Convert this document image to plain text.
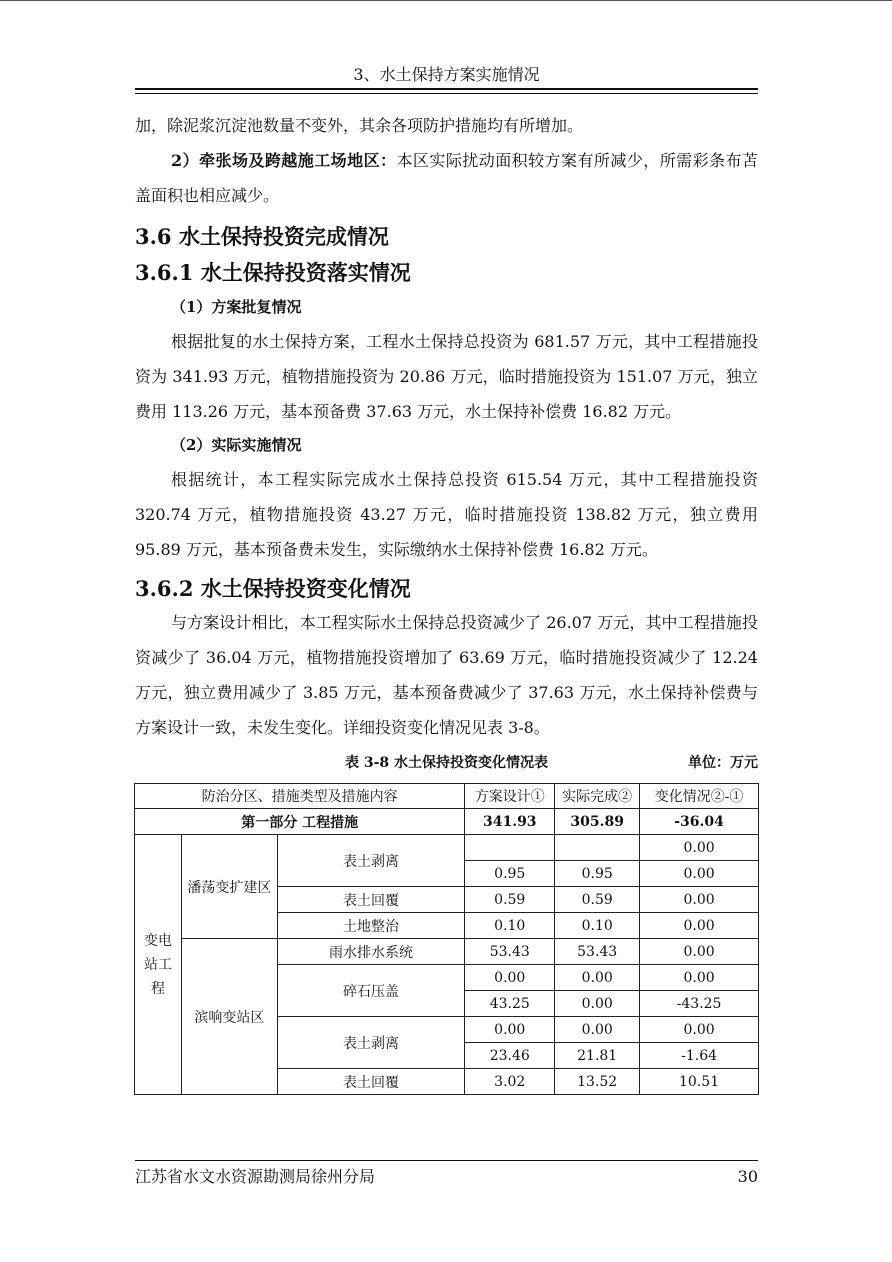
3、水土保持方案实施情况

加，除泥浆沉淀池数量不变外，其余各项防护措施均有所增加。

2）牵张场及跨越施工场地区：本区实际扰动面积较方案有所减少，所需彩条布苫盖面积也相应减少。

3.6 水土保持投资完成情况
3.6.1 水土保持投资落实情况
（1）方案批复情况

根据批复的水土保持方案，工程水土保持总投资为 681.57 万元，其中工程措施投资为 341.93 万元，植物措施投资为 20.86 万元，临时措施投资为 151.07 万元，独立费用 113.26 万元，基本预备费 37.63 万元，水土保持补偿费 16.82 万元。

（2）实际实施情况

根据统计，本工程实际完成水土保持总投资 615.54 万元，其中工程措施投资 320.74 万元，植物措施投资 43.27 万元，临时措施投资 138.82 万元，独立费用 95.89 万元，基本预备费未发生，实际缴纳水土保持补偿费 16.82 万元。

3.6.2 水土保持投资变化情况

与方案设计相比，本工程实际水土保持总投资减少了 26.07 万元，其中工程措施投资减少了 36.04 万元，植物措施投资增加了 63.69 万元，临时措施投资减少了 12.24 万元，独立费用减少了 3.85 万元，基本预备费减少了 37.63 万元，水土保持补偿费与方案设计一致，未发生变化。详细投资变化情况见表 3-8。

表 3-8 水土保持投资变化情况表	单位：万元
防治分区、措施类型及措施内容			方案设计①	实际完成②	变化情况②-①
第一部分 工程措施			341.93	305.89	-36.04
变电站工程	潘荡变扩建区	表土剥离			0.00
			0.95	0.95	0.00
		表土回覆	0.59	0.59	0.00
		土地整治	0.10	0.10	0.00
	滨响变站区	雨水排水系统	53.43	53.43	0.00
		碎石压盖	0.00	0.00	0.00
			43.25	0.00	-43.25
		表土剥离	0.00	0.00	0.00
			23.46	21.81	-1.64
		表土回覆	3.02	13.52	10.51
江苏省水文水资源勘测局徐州分局	30
